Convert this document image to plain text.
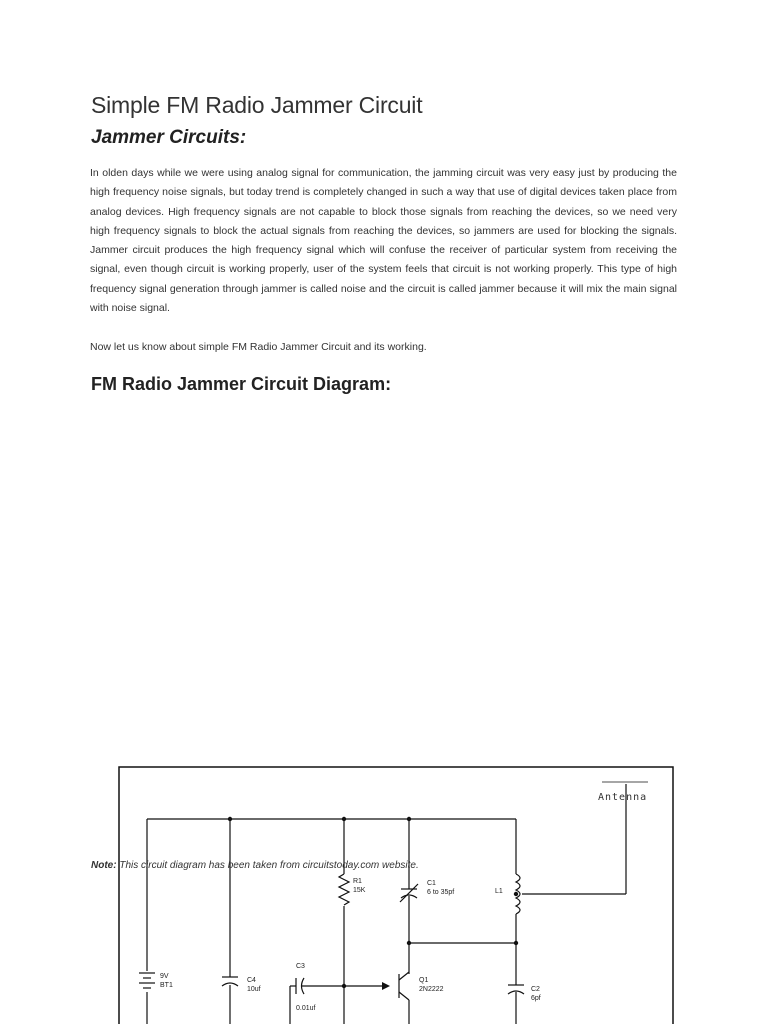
Simple FM Radio Jammer Circuit
Jammer Circuits:

In olden days while we were using analog signal for communication, the jamming circuit was very easy just by producing the high frequency noise signals, but today trend is completely changed in such a way that use of digital devices taken place from analog devices. High frequency signals are not capable to block those signals from reaching the devices, so we need very high frequency signals to block the actual signals from reaching the devices, so jammers are used for blocking the signals. Jammer circuit produces the high frequency signal which will confuse the receiver of particular system from receiving the signal, even though circuit is working properly, user of the system feels that circuit is not working properly. This type of high frequency signal generation through jammer is called noise and the circuit is called jammer because it will mix the main signal with noise signal.

Now let us know about simple FM Radio Jammer Circuit and its working.

FM Radio Jammer Circuit Diagram:
Antenna
9V
BT1
C4
10uf
R1
15K
C1
6 to 35pf	L1
C3
0.01uf
Q1
2N2222	C2
6pf

Note: This circuit diagram has been taken from circuitstoday.com website.
